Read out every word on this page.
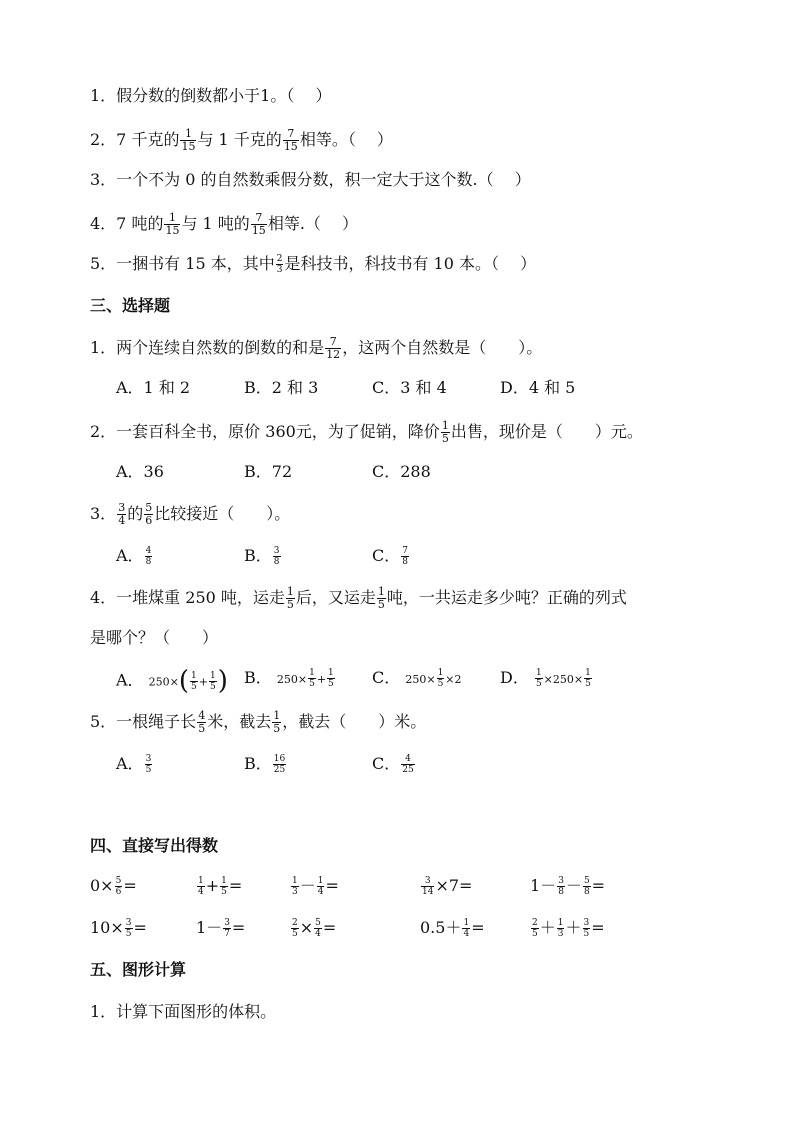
1．假分数的倒数都小于1。（　 ）
2．7 千克的 $\frac{1}{15}$ 与 1 千克的 $\frac{7}{15}$ 相等。（　 ）
3．一个不为 0 的自然数乘假分数，积一定大于这个数.（　 ）
4．7 吨的 $\frac{1}{15}$ 与 1 吨的 $\frac{7}{15}$ 相等.（　 ）
5．一捆书有 15 本，其中 $\frac{2}{3}$ 是科技书，科技书有 10 本。（　 ）
三、选择题
1．两个连续自然数的倒数的和是 $\frac{7}{12}$ ，这两个自然数是（　　）。
A．1 和 2	B．2 和 3	C．3 和 4	D．4 和 5
2．一套百科全书，原价 360元，为了促销，降价 $\frac{1}{5}$ 出售，现价是（　　）元。
A．36	B．72	C．288
3． $\frac{3}{4}$ 的 $\frac{5}{6}$ 比较接近（　　）。
A． $\frac{4}{8}$	B． $\frac{3}{8}$	C． $\frac{7}{8}$
4．一堆煤重 250 吨，运走 $\frac{1}{5}$ 后，又运走 $\frac{1}{5}$ 吨，一共运走多少吨？正确的列式
是哪个？（　　）
A． $250\times( \frac{1}{5} + \frac{1}{5}$ ) B． $250\times \frac{1}{5} + \frac{1}{5}$ C． $250\times \frac{1}{5} \times 2$ D． $\frac{1}{5} \times 250\times \frac{1}{5}$
5．一根绳子长 $\frac{4}{5}$ 米，截去 $\frac{1}{5}$ ，截去（　　）米。
A． $\frac{3}{5}$	B． $\frac{16}{25}$	C． $\frac{4}{25}$
四、直接写出得数
$0\times \frac{5}{6}$ =	$\frac{1}{4} + \frac{1}{5}$ =	$\frac{1}{3} - \frac{1}{4}$ =	$\frac{3}{14} \times 7=$	$1- \frac{3}{8} - \frac{5}{8}$ =
$10\times \frac{3}{5}$ =	$1- \frac{3}{7}$ =	$\frac{2}{5} \times \frac{5}{4}$ =	$0.5+ \frac{1}{4}$ =	$\frac{2}{5} + \frac{1}{3} + \frac{3}{5}$ =
五、图形计算
1．计算下面图形的体积。
